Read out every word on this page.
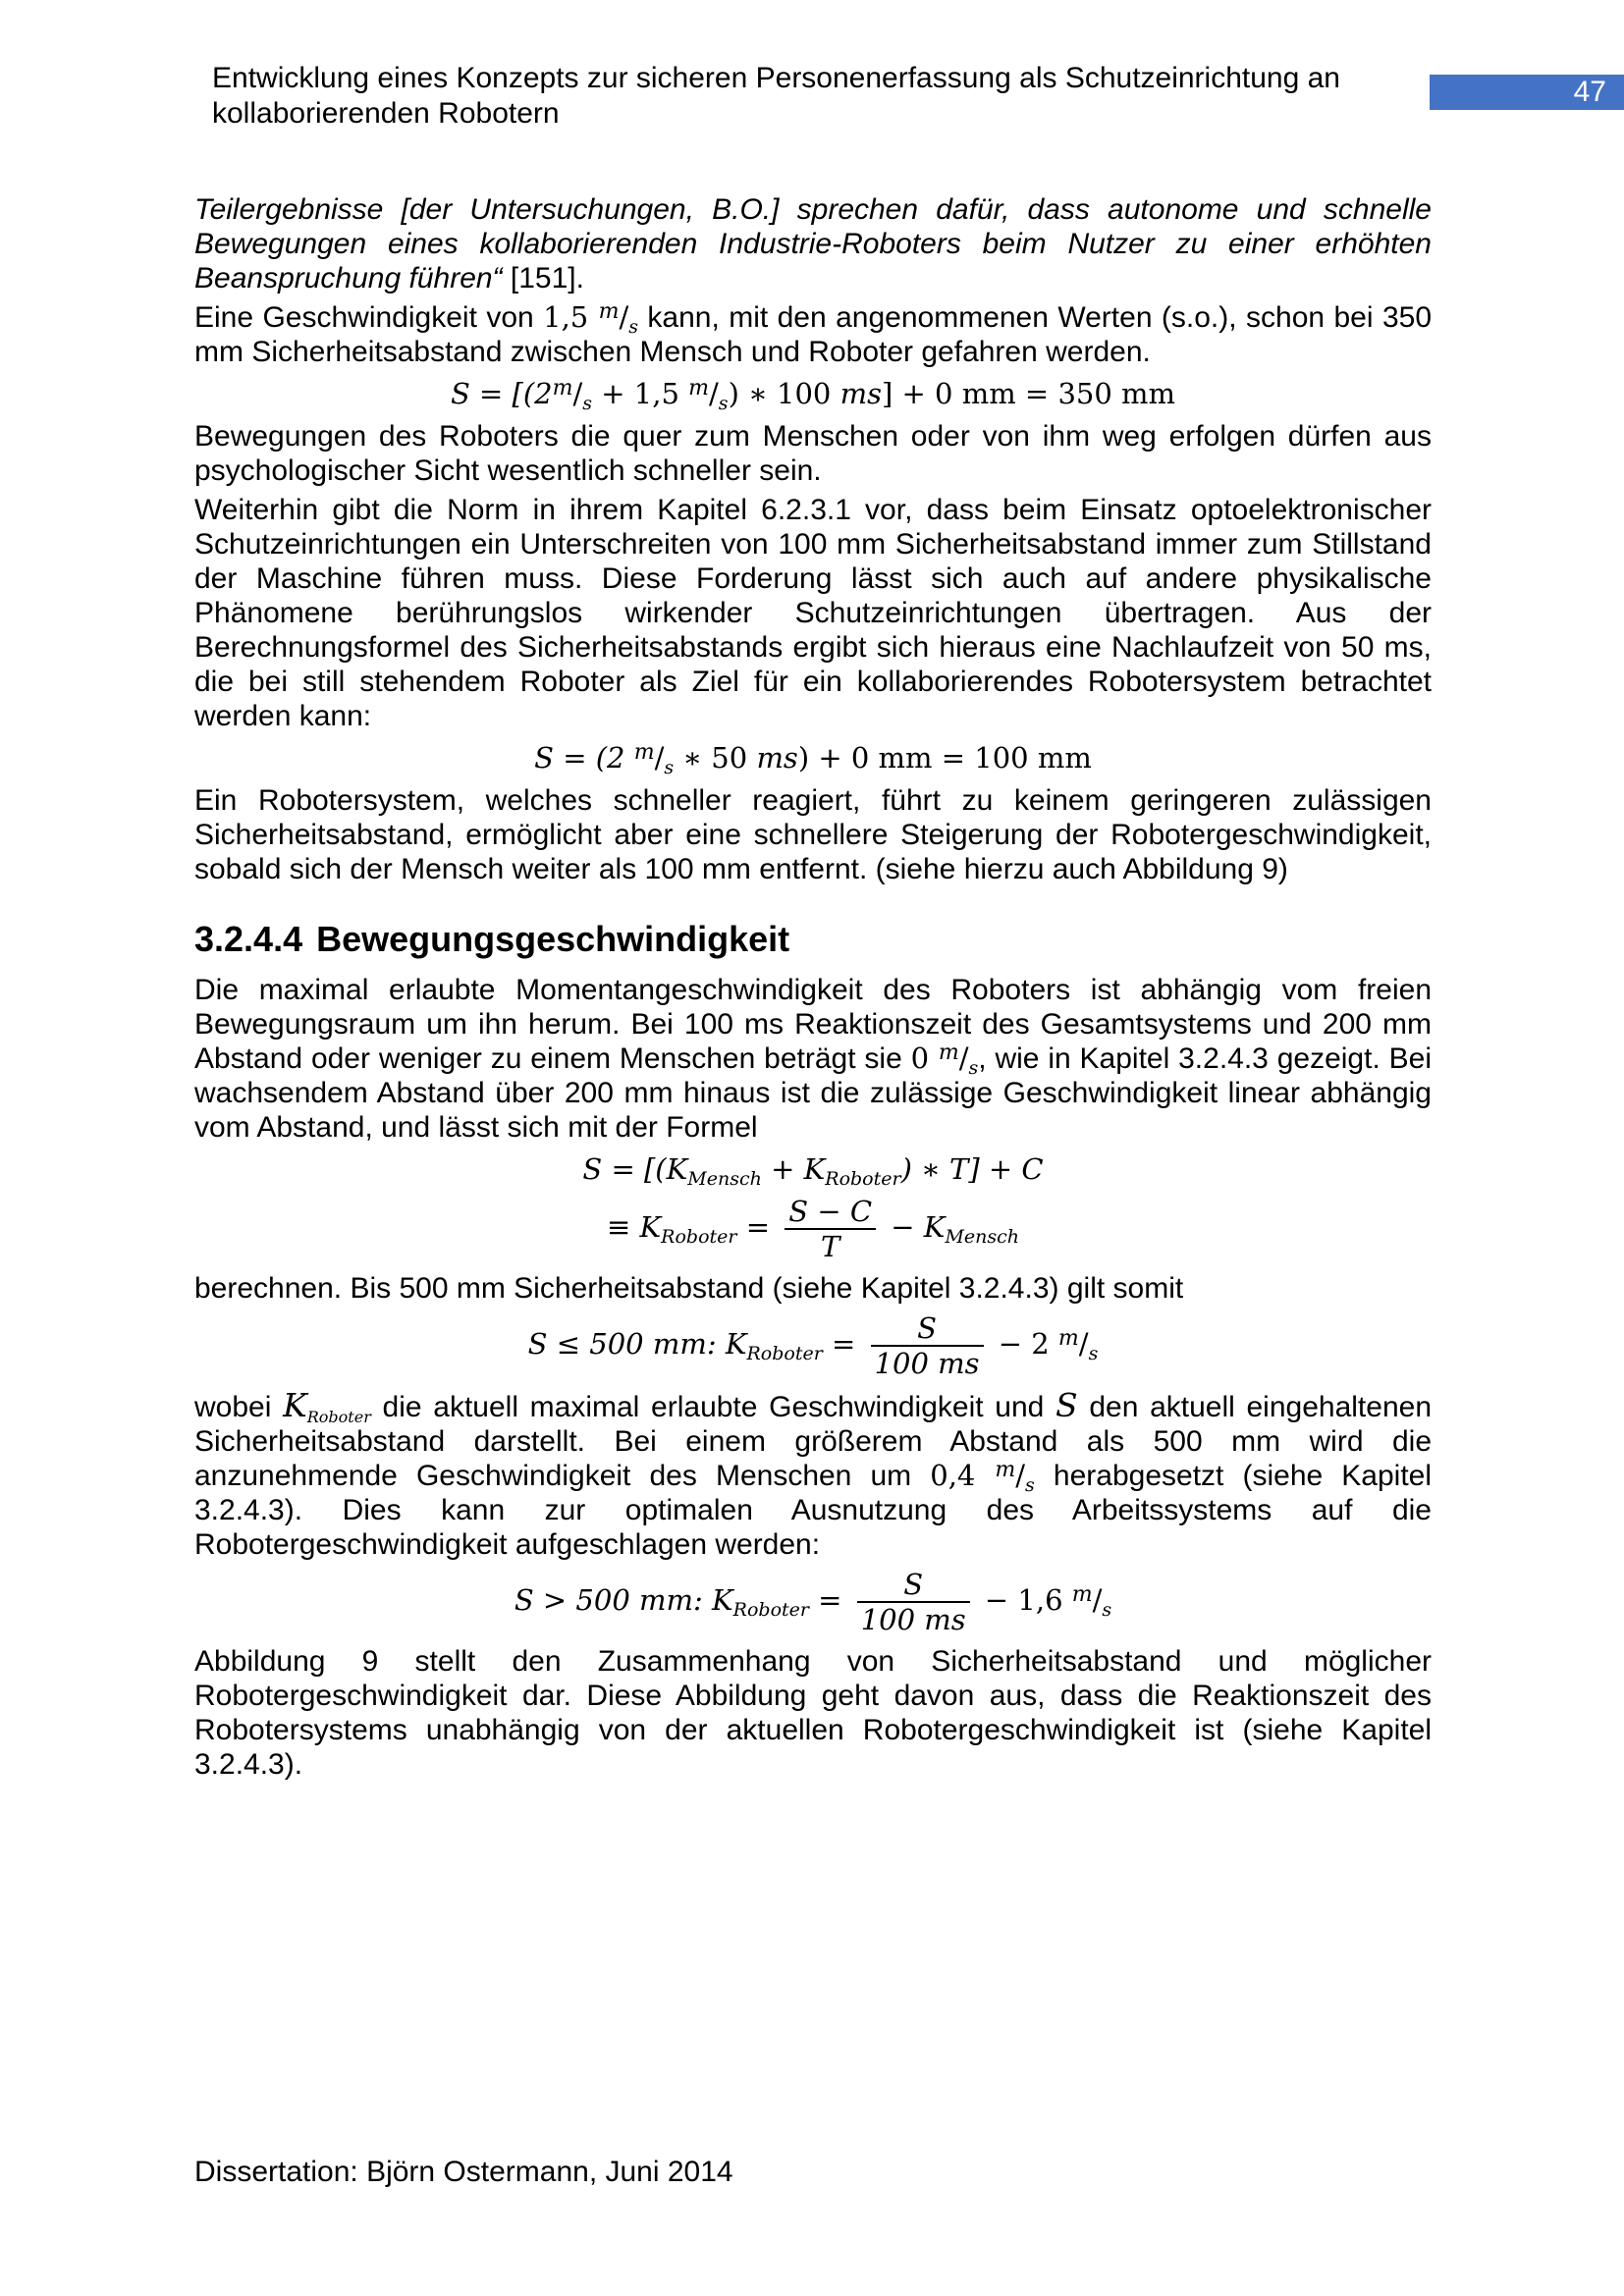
Entwicklung eines Konzepts zur sicheren Personenerfassung als Schutzeinrichtung an
kollaborierenden Robotern
47

Teilergebnisse [der Untersuchungen, B.O.] sprechen dafür, dass autonome und schnelle Bewegungen eines kollaborierenden Industrie-Roboters beim Nutzer zu einer erhöhten Beanspruchung führen“ [151].

Eine Geschwindigkeit von 1,5 $^m/_s$ kann, mit den angenommenen Werten (s.o.), schon bei 350 mm Sicherheitsabstand zwischen Mensch und Roboter gefahren werden.

$S = [(2^m/_s + 1,5$ $^m/_s$) ∗ 100 ms] + 0 mm = 350 mm

Bewegungen des Roboters die quer zum Menschen oder von ihm weg erfolgen dürfen aus psychologischer Sicht wesentlich schneller sein.

Weiterhin gibt die Norm in ihrem Kapitel 6.2.3.1 vor, dass beim Einsatz optoelektronischer Schutzeinrichtungen ein Unterschreiten von 100 mm Sicherheitsabstand immer zum Stillstand der Maschine führen muss. Diese Forderung lässt sich auch auf andere physikalische Phänomene berührungslos wirkender Schutzeinrichtungen übertragen. Aus der Berechnungsformel des Sicherheitsabstands ergibt sich hieraus eine Nachlaufzeit von 50 ms, die bei still stehendem Roboter als Ziel für ein kollaborierendes Robotersystem betrachtet werden kann:

S = (2 $^m/_s$ ∗ 50 ms) + 0 mm = 100 mm

Ein Robotersystem, welches schneller reagiert, führt zu keinem geringeren zulässigen Sicherheitsabstand, ermöglicht aber eine schnellere Steigerung der Robotergeschwindigkeit, sobald sich der Mensch weiter als 100 mm entfernt. (siehe hierzu auch Abbildung 9)

3.2.4.4 Bewegungsgeschwindigkeit

Die maximal erlaubte Momentangeschwindigkeit des Roboters ist abhängig vom freien Bewegungsraum um ihn herum. Bei 100 ms Reaktionszeit des Gesamtsystems und 200 mm Abstand oder weniger zu einem Menschen beträgt sie 0 $^m/_s$, wie in Kapitel 3.2.4.3 gezeigt. Bei wachsendem Abstand über 200 mm hinaus ist die zulässige Geschwindigkeit linear abhängig vom Abstand, und lässt sich mit der Formel

$S = [(K_{Mensch} + K_{Roboter})$ ∗ T] + C
≡ $K_{Roboter} = \frac{S - C}{T} - K_{Mensch}$

berechnen. Bis 500 mm Sicherheitsabstand (siehe Kapitel 3.2.4.3) gilt somit

S ≤ 500 mm: $K_{Roboter} = \frac{S}{100 ms} - 2$ $^m/_s$

wobei $K_{Roboter}$ die aktuell maximal erlaubte Geschwindigkeit und S den aktuell eingehaltenen Sicherheitsabstand darstellt. Bei einem größerem Abstand als 500 mm wird die anzunehmende Geschwindigkeit des Menschen um 0,4 $^m/_s$ herabgesetzt (siehe Kapitel 3.2.4.3). Dies kann zur optimalen Ausnutzung des Arbeitssystems auf die Robotergeschwindigkeit aufgeschlagen werden:

S > 500 mm: $K_{Roboter} = \frac{S}{100 ms} - 1,6$ $^m/_s$

Abbildung 9 stellt den Zusammenhang von Sicherheitsabstand und möglicher Robotergeschwindigkeit dar. Diese Abbildung geht davon aus, dass die Reaktionszeit des Robotersystems unabhängig von der aktuellen Robotergeschwindigkeit ist (siehe Kapitel 3.2.4.3).

Dissertation: Björn Ostermann, Juni 2014
